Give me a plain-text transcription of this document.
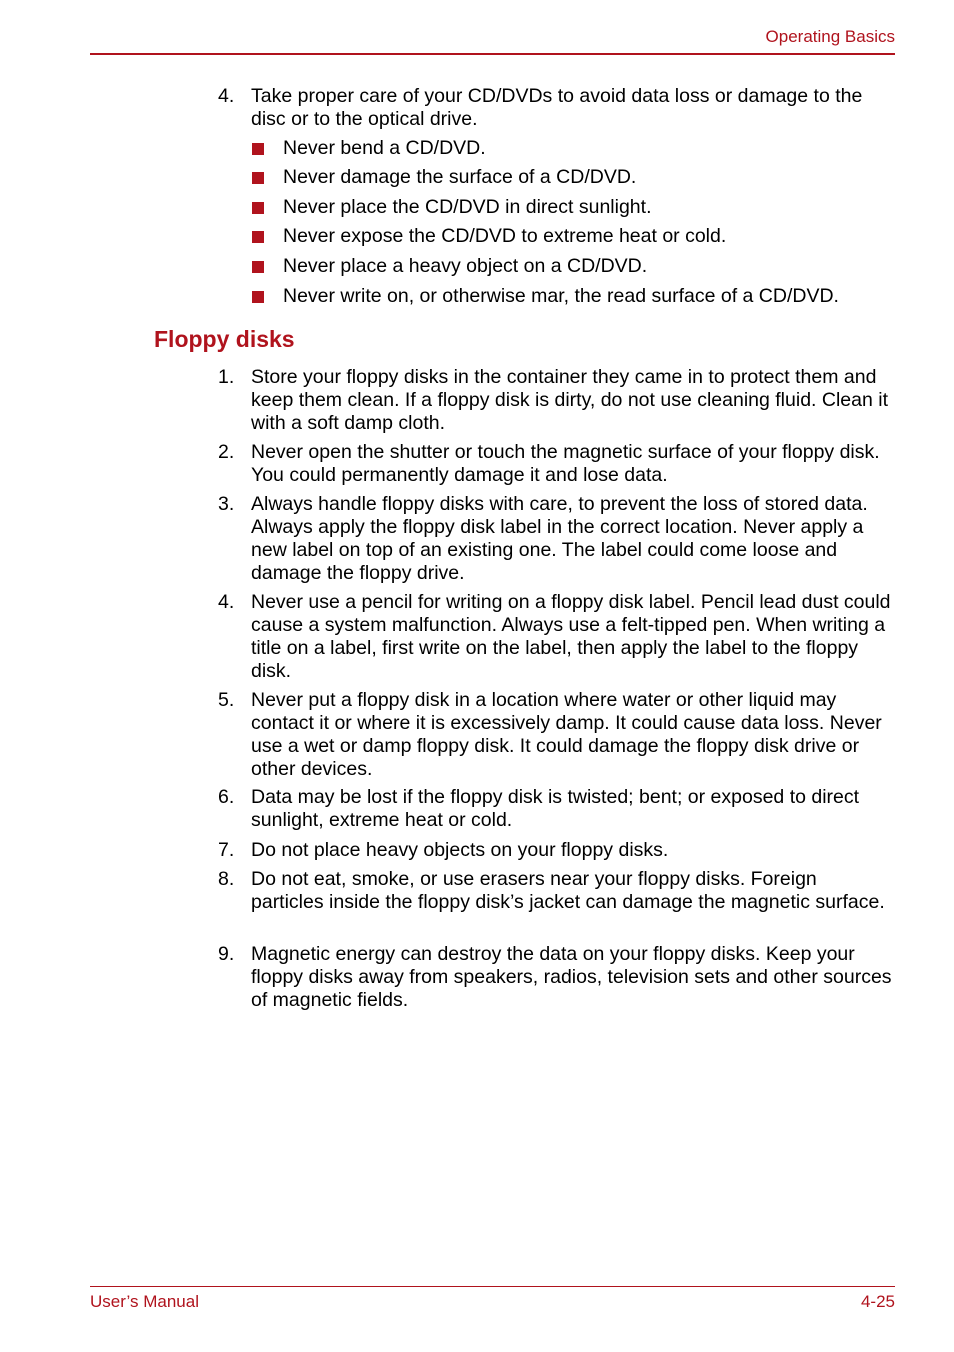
Operating Basics
4. Take proper care of your CD/DVDs to avoid data loss or damage to the disc or to the optical drive.
Never bend a CD/DVD.
Never damage the surface of a CD/DVD.
Never place the CD/DVD in direct sunlight.
Never expose the CD/DVD to extreme heat or cold.
Never place a heavy object on a CD/DVD.
Never write on, or otherwise mar, the read surface of a CD/DVD.
Floppy disks
1. Store your floppy disks in the container they came in to protect them and keep them clean. If a floppy disk is dirty, do not use cleaning fluid. Clean it with a soft damp cloth.
2. Never open the shutter or touch the magnetic surface of your floppy disk. You could permanently damage it and lose data.
3. Always handle floppy disks with care, to prevent the loss of stored data. Always apply the floppy disk label in the correct location. Never apply a new label on top of an existing one. The label could come loose and damage the floppy drive.
4. Never use a pencil for writing on a floppy disk label. Pencil lead dust could cause a system malfunction. Always use a felt-tipped pen. When writing a title on a label, first write on the label, then apply the label to the floppy disk.
5. Never put a floppy disk in a location where water or other liquid may contact it or where it is excessively damp. It could cause data loss. Never use a wet or damp floppy disk. It could damage the floppy disk drive or other devices.
6. Data may be lost if the floppy disk is twisted; bent; or exposed to direct sunlight, extreme heat or cold.
7. Do not place heavy objects on your floppy disks.
8. Do not eat, smoke, or use erasers near your floppy disks. Foreign particles inside the floppy disk’s jacket can damage the magnetic surface.
9. Magnetic energy can destroy the data on your floppy disks. Keep your floppy disks away from speakers, radios, television sets and other sources of magnetic fields.
User’s Manual	4-25
